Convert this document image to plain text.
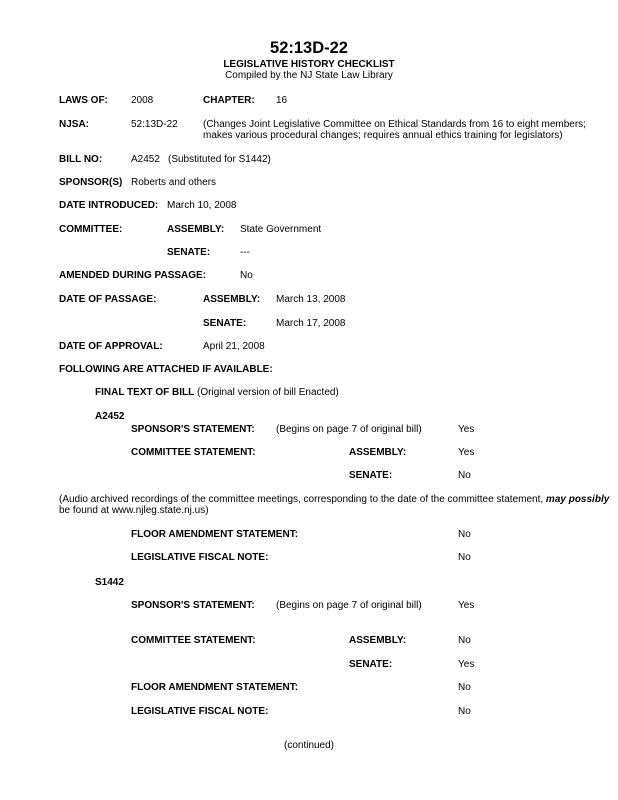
52:13D-22
LEGISLATIVE HISTORY CHECKLIST
Compiled by the NJ State Law Library
LAWS OF: 2008	CHAPTER: 16
NJSA:	52:13D-22	(Changes Joint Legislative Committee on Ethical Standards from 16 to eight members;
makes various procedural changes; requires annual ethics training for legislators)
BILL NO:	A2452 (Substituted for S1442)
SPONSOR(S) Roberts and others
DATE INTRODUCED: March 10, 2008
COMMITTEE:	ASSEMBLY: State Government
SENATE:	---
AMENDED DURING PASSAGE:	No
DATE OF PASSAGE:	ASSEMBLY: March 13, 2008
SENATE:	March 17, 2008
DATE OF APPROVAL:	April 21, 2008
FOLLOWING ARE ATTACHED IF AVAILABLE:
FINAL TEXT OF BILL (Original version of bill Enacted)
A2452
SPONSOR'S STATEMENT: (Begins on page 7 of original bill)	Yes
COMMITTEE STATEMENT:	ASSEMBLY:	Yes
SENATE:	No
(Audio archived recordings of the committee meetings, corresponding to the date of the committee statement, may possibly
be found at www.njleg.state.nj.us)
FLOOR AMENDMENT STATEMENT:	No
LEGISLATIVE FISCAL NOTE:	No
S1442
SPONSOR'S STATEMENT: (Begins on page 7 of original bill)	Yes
COMMITTEE STATEMENT:	ASSEMBLY:	No
SENATE:	Yes
FLOOR AMENDMENT STATEMENT:	No
LEGISLATIVE FISCAL NOTE:	No
(continued)
